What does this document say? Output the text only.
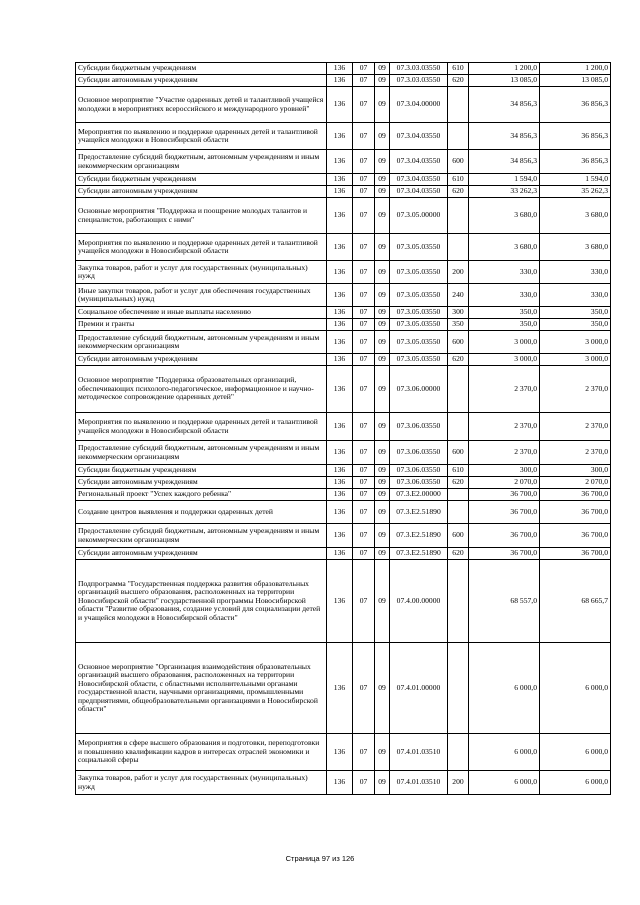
Субсидии бюджетным учреждениям	136	07	09	07.3.03.03550	610	1 200,0	1 200,0
Субсидии автономным учреждениям	136	07	09	07.3.03.03550	620	13 085,0	13 085,0
Основное мероприятие "Участие одаренных детей и талантливой учащейся молодежи в мероприятиях всероссийского и международного уровней"	136	07	09	07.3.04.00000		34 856,3	36 856,3
Мероприятия по выявлению и поддержке одаренных детей и талантливой учащейся молодежи в Новосибирской области	136	07	09	07.3.04.03550		34 856,3	36 856,3
Предоставление субсидий бюджетным, автономным учреждениям и иным некоммерческим организациям	136	07	09	07.3.04.03550	600	34 856,3	36 856,3
Субсидии бюджетным учреждениям	136	07	09	07.3.04.03550	610	1 594,0	1 594,0
Субсидии автономным учреждениям	136	07	09	07.3.04.03550	620	33 262,3	35 262,3
Основные мероприятия "Поддержка и поощрение молодых талантов и специалистов, работающих с ними"	136	07	09	07.3.05.00000		3 680,0	3 680,0
Мероприятия по выявлению и поддержке одаренных детей и талантливой учащейся молодежи в Новосибирской области	136	07	09	07.3.05.03550		3 680,0	3 680,0
Закупка товаров, работ и услуг для государственных (муниципальных) нужд	136	07	09	07.3.05.03550	200	330,0	330,0
Иные закупки товаров, работ и услуг для обеспечения государственных (муниципальных) нужд	136	07	09	07.3.05.03550	240	330,0	330,0
Социальное обеспечение и иные выплаты населению	136	07	09	07.3.05.03550	300	350,0	350,0
Премии и гранты	136	07	09	07.3.05.03550	350	350,0	350,0
Предоставление субсидий бюджетным, автономным учреждениям и иным некоммерческим организациям	136	07	09	07.3.05.03550	600	3 000,0	3 000,0
Субсидии автономным учреждениям	136	07	09	07.3.05.03550	620	3 000,0	3 000,0
Основное мероприятие "Поддержка образовательных организаций, обеспечивающих психолого-педагогическое, информационное и научно-методическое сопровождение одаренных детей"	136	07	09	07.3.06.00000		2 370,0	2 370,0
Мероприятия по выявлению и поддержке одаренных детей и талантливой учащейся молодежи в Новосибирской области	136	07	09	07.3.06.03550		2 370,0	2 370,0
Предоставление субсидий бюджетным, автономным учреждениям и иным некоммерческим организациям	136	07	09	07.3.06.03550	600	2 370,0	2 370,0
Субсидии бюджетным учреждениям	136	07	09	07.3.06.03550	610	300,0	300,0
Субсидии автономным учреждениям	136	07	09	07.3.06.03550	620	2 070,0	2 070,0
Региональный проект "Успех каждого ребенка"	136	07	09	07.3.E2.00000		36 700,0	36 700,0
Создание центров выявления и поддержки одаренных детей	136	07	09	07.3.E2.51890		36 700,0	36 700,0
Предоставление субсидий бюджетным, автономным учреждениям и иным некоммерческим организациям	136	07	09	07.3.E2.51890	600	36 700,0	36 700,0
Субсидии автономным учреждениям	136	07	09	07.3.E2.51890	620	36 700,0	36 700,0
Подпрограмма "Государственная поддержка развития образовательных организаций высшего образования, расположенных на территории Новосибирской области" государственной программы Новосибирской области "Развитие образования, создание условий для социализации детей и учащейся молодежи в Новосибирской области"	136	07	09	07.4.00.00000		68 557,0	68 665,7
Основное мероприятие "Организация взаимодействия образовательных организаций высшего образования, расположенных на территории Новосибирской области, с областными исполнительными органами государственной власти, научными организациями, промышленными предприятиями, общеобразовательными организациями в Новосибирской области"	136	07	09	07.4.01.00000		6 000,0	6 000,0
Мероприятия в сфере высшего образования и подготовки, переподготовки и повышению квалификации кадров в интересах отраслей экономики и социальной сферы	136	07	09	07.4.01.03510		6 000,0	6 000,0
Закупка товаров, работ и услуг для государственных (муниципальных) нужд	136	07	09	07.4.01.03510	200	6 000,0	6 000,0
Страница 97 из 126
